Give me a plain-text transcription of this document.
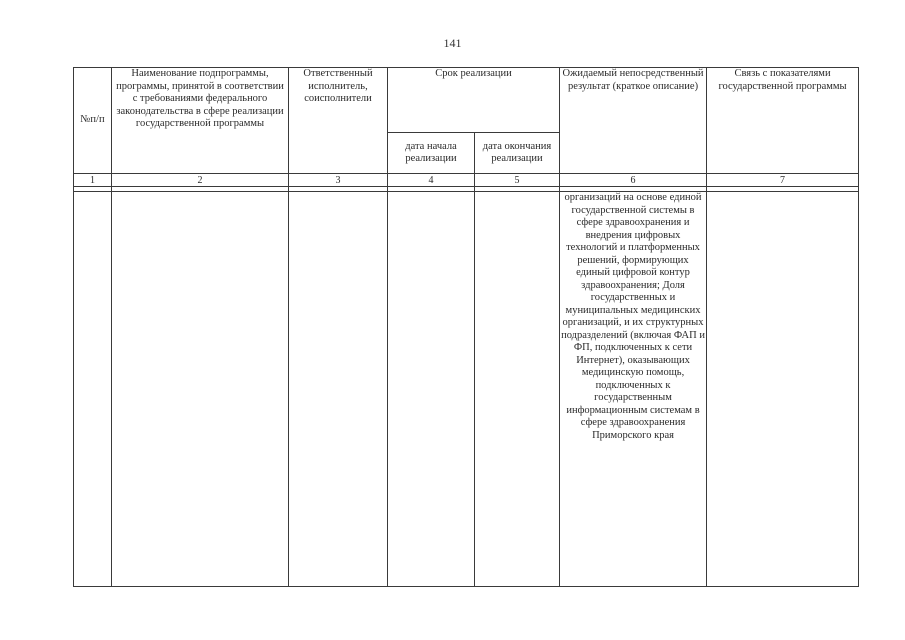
141
№п/п	Наименование подпрограммы, программы, принятой в соответствии с требованиями федерального законодательства в сфере реализации государственной программы	Ответственный исполнитель, соисполнители	Срок реализации		Ожидаемый непосредственный результат (краткое описание)	Связь с показателями государственной программы
			дата начала реализации	дата окончания реализации		
1	2	3	4	5	6	7

					организаций на основе единой государственной системы в сфере здравоохранения и внедрения цифровых технологий и платформенных решений, формирующих единый цифровой контур здравоохранения; Доля государственных и муниципальных медицинских организаций, и их структурных подразделений (включая ФАП и ФП, подключенных к сети Интернет), оказывающих медицинскую помощь, подключенных к государственным информационным системам в сфере здравоохранения Приморского края	
